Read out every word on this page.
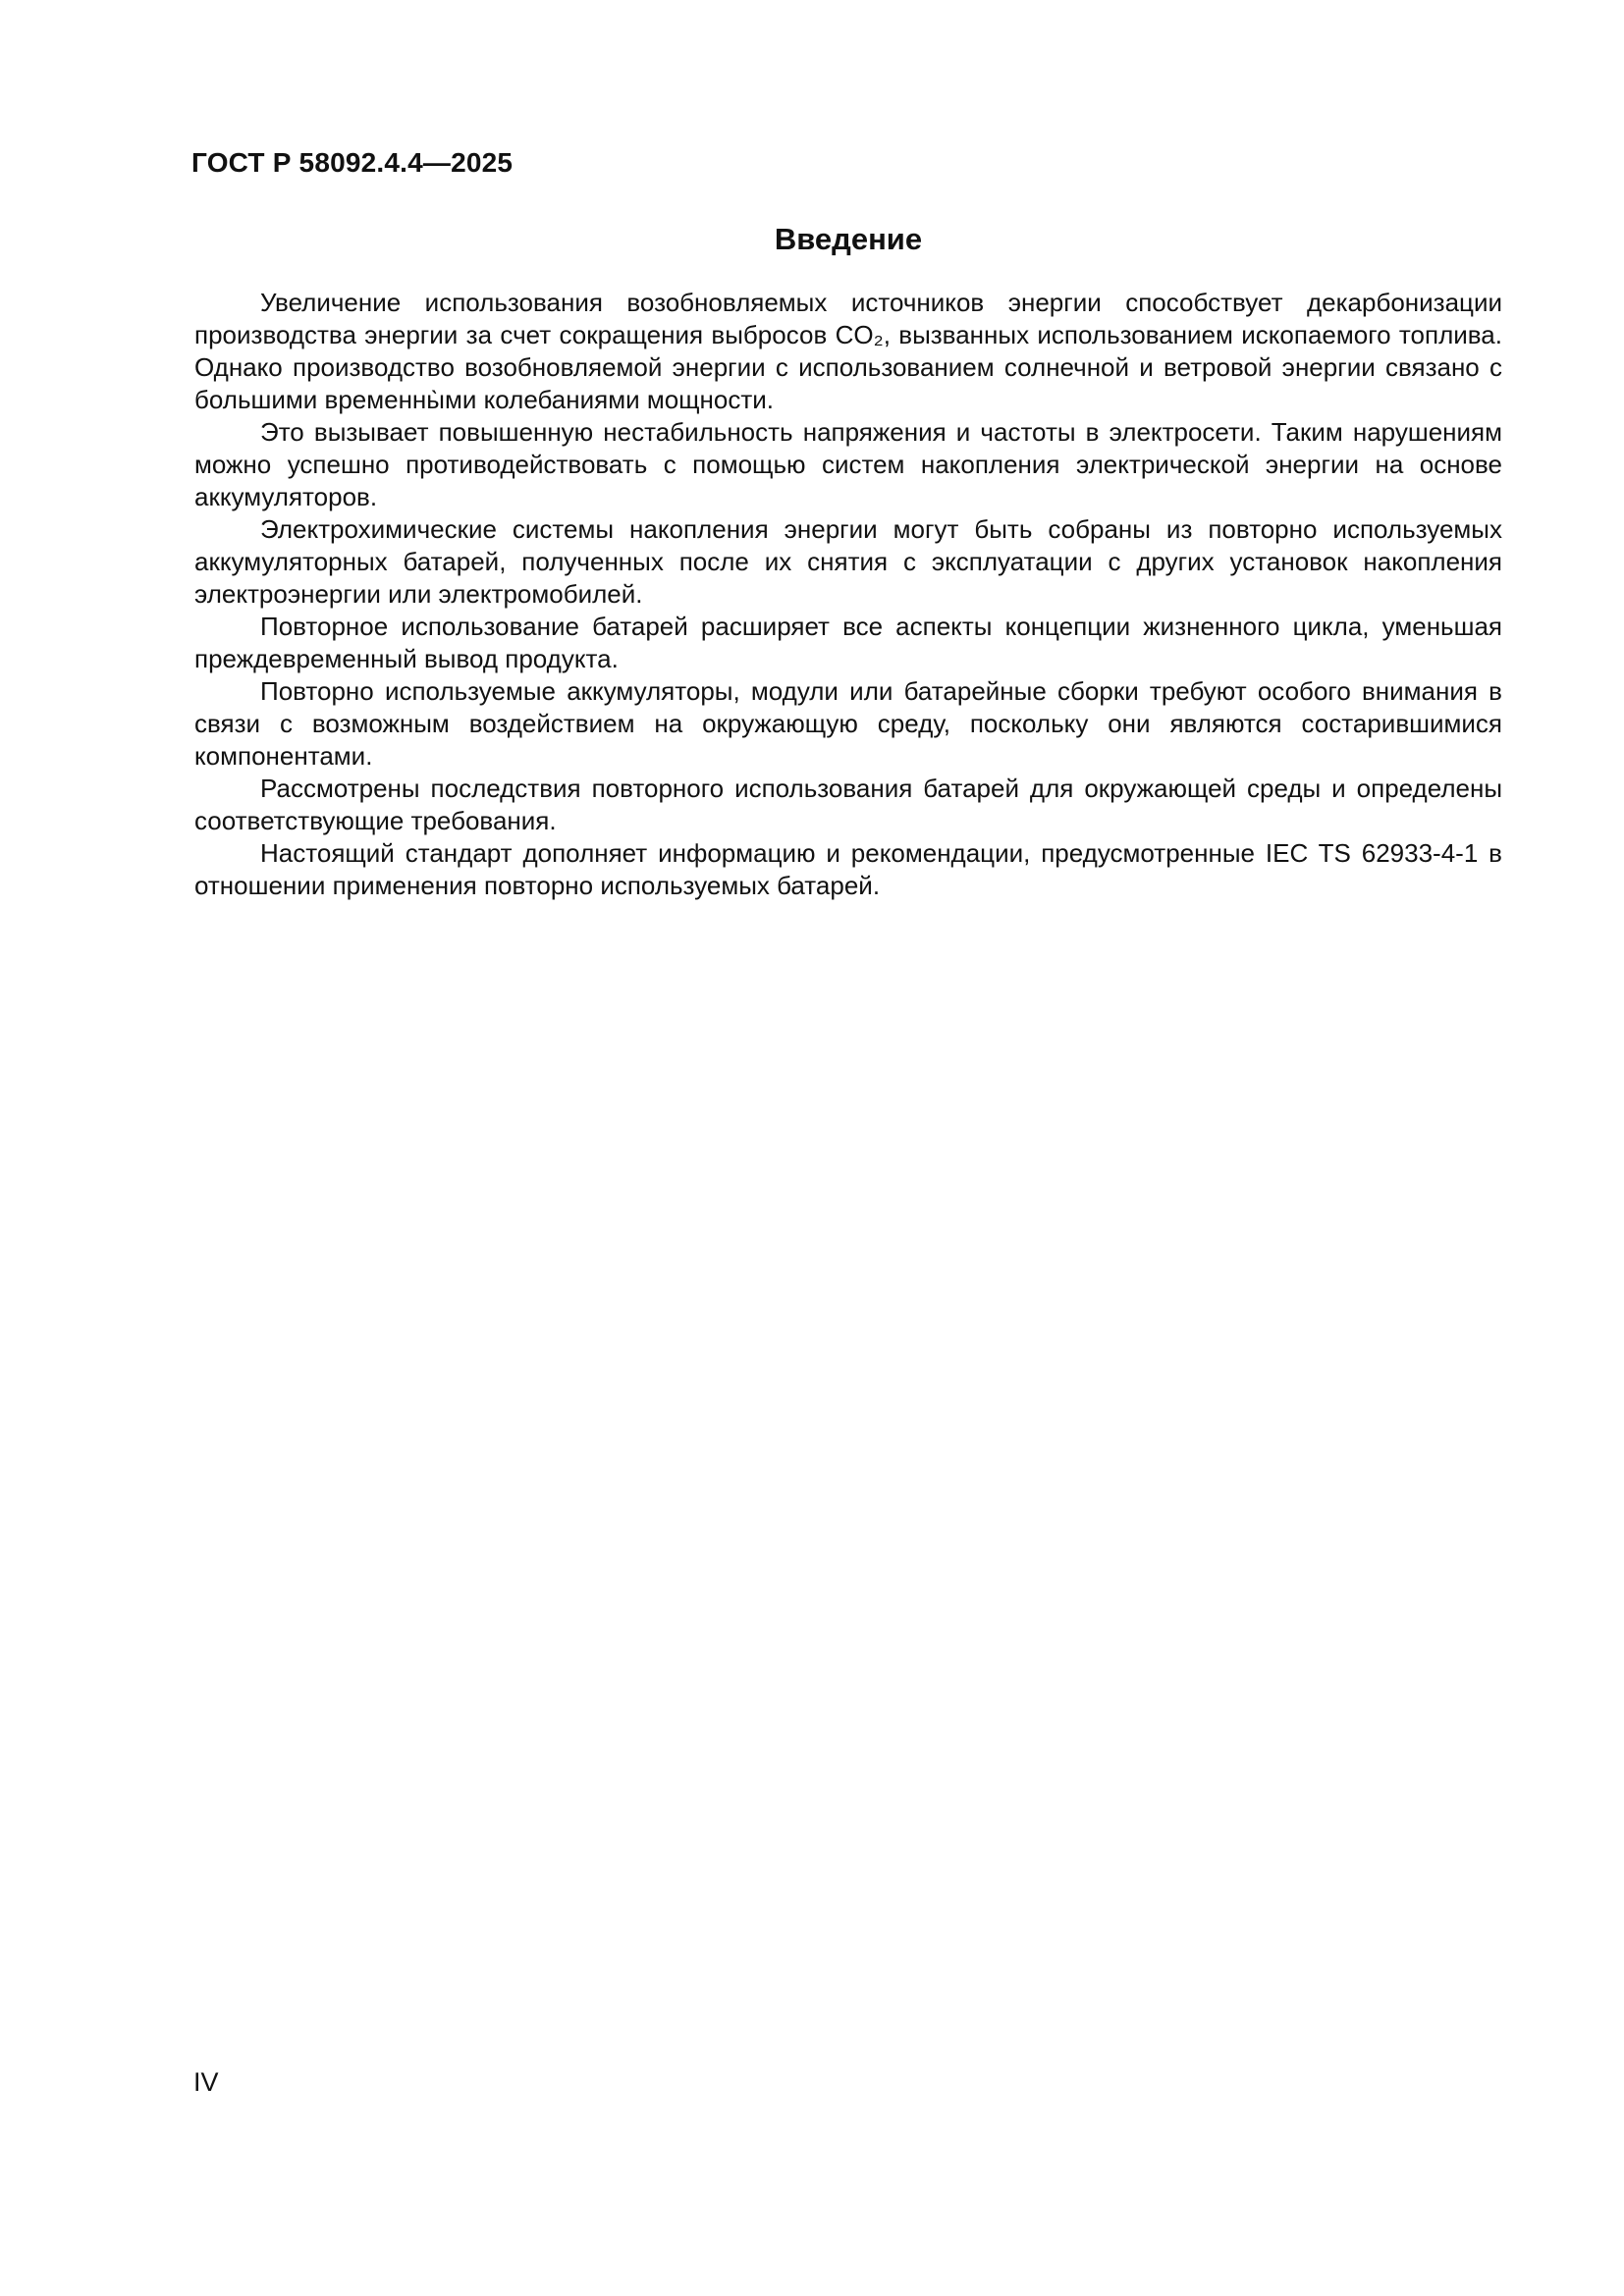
ГОСТ Р 58092.4.4—2025
Введение

Увеличение использования возобновляемых источников энергии способствует декарбонизации производства энергии за счет сокращения выбросов CO₂, вызванных использованием ископаемого топлива. Однако производство возобновляемой энергии с использованием солнечной и ветровой энергии связано с большими временны̀ми колебаниями мощности.

Это вызывает повышенную нестабильность напряжения и частоты в электросети. Таким нарушениям можно успешно противодействовать с помощью систем накопления электрической энергии на основе аккумуляторов.

Электрохимические системы накопления энергии могут быть собраны из повторно используемых аккумуляторных батарей, полученных после их снятия с эксплуатации с других установок накопления электроэнергии или электромобилей.

Повторное использование батарей расширяет все аспекты концепции жизненного цикла, уменьшая преждевременный вывод продукта.

Повторно используемые аккумуляторы, модули или батарейные сборки требуют особого внимания в связи с возможным воздействием на окружающую среду, поскольку они являются состарившимися компонентами.

Рассмотрены последствия повторного использования батарей для окружающей среды и определены соответствующие требования.

Настоящий стандарт дополняет информацию и рекомендации, предусмотренные IEC TS 62933-4-1 в отношении применения повторно используемых батарей.

IV
